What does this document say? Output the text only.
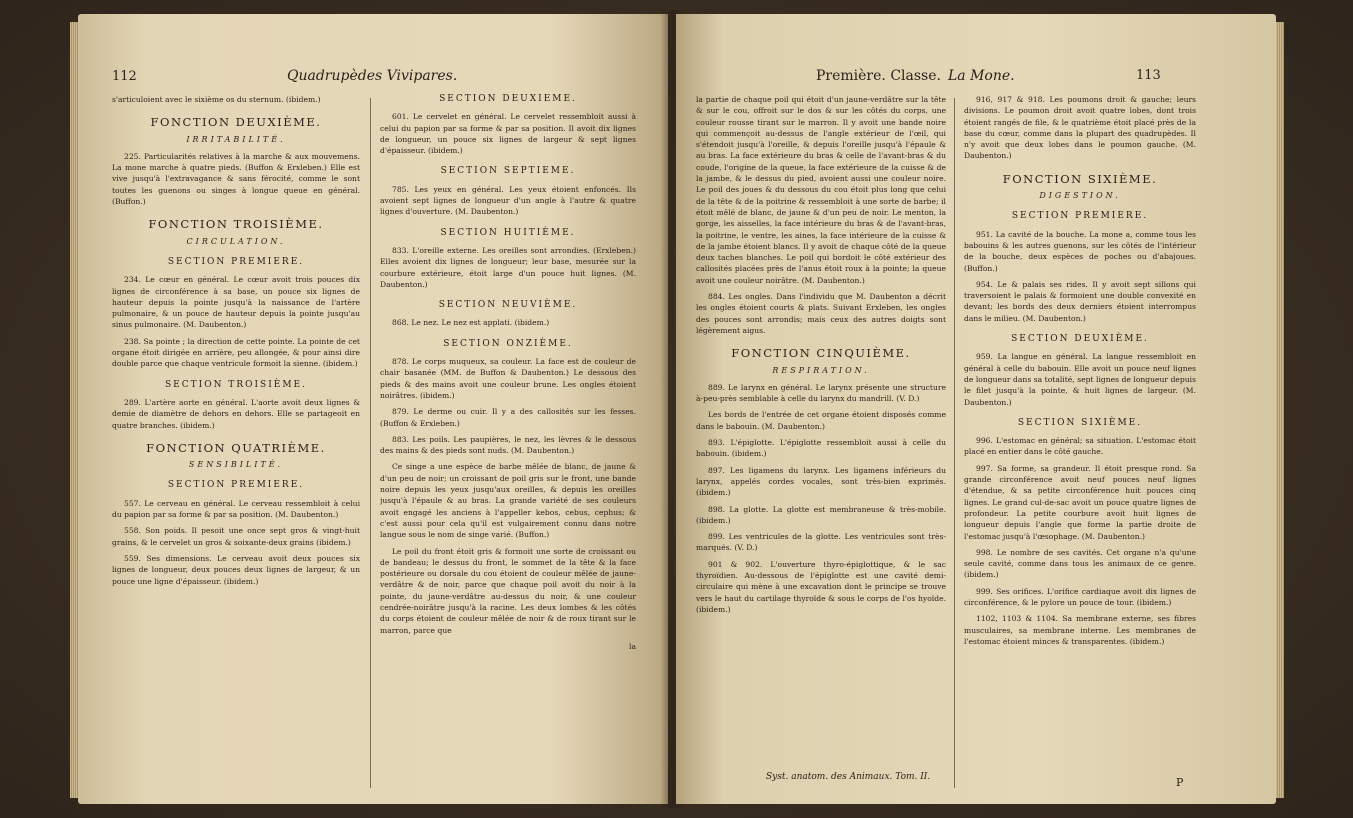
112	Quadrupèdes Vivipares.

s'articuloient avec le sixième os du sternum. (ibidem.)

FONCTION DEUXIÈME.
IRRITABILITÉ.

225. Particularités relatives à la marche & aux mouvemens. La mone marche à quatre pieds. (Buffon & Erxleben.) Elle est vive jusqu'à l'extravagance & sans férocité, comme le sont toutes les guenons ou singes à longue queue en général. (Buffon.)

FONCTION TROISIÈME.
CIRCULATION.
SECTION PREMIERE.

234. Le cœur en général. Le cœur avoit trois pouces dix lignes de circonférence à sa base, un pouce six lignes de hauteur depuis la pointe jusqu'à la naissance de l'artère pulmonaire, & un pouce de hauteur depuis la pointe jusqu'au sinus pulmonaire. (M. Daubenton.)

238. Sa pointe ; la direction de cette pointe. La pointe de cet organe étoit dirigée en arrière, peu allongée, & pour ainsi dire double parce que chaque ventricule formoit la sienne. (ibidem.)

SECTION TROISIÈME.

289. L'artère aorte en général. L'aorte avoit deux lignes & demie de diamètre de dehors en dehors. Elle se partageoit en quatre branches. (ibidem.)

FONCTION QUATRIÈME.
SENSIBILITÉ.
SECTION PREMIERE.

557. Le cerveau en général. Le cerveau ressembloit à celui du papion par sa forme & par sa position. (M. Daubenton.)

558. Son poids. Il pesoit une once sept gros & vingt-huit grains, & le cervelet un gros & soixante-deux grains (ibidem.)

559. Ses dimensions. Le cerveau avoit deux pouces six lignes de longueur, deux pouces deux lignes de largeur, & un pouce une ligne d'épaisseur. (ibidem.)

SECTION DEUXIÈME.

601. Le cervelet en général. Le cervelet ressembloit aussi à celui du papion par sa forme & par sa position. Il avoit dix lignes de longueur, un pouce six lignes de largeur & sept lignes d'épaisseur. (ibidem.)

SECTION SEPTIEME.

785. Les yeux en général. Les yeux étoient enfoncés. Ils avoient sept lignes de longueur d'un angle à l'autre & quatre lignes d'ouverture. (M. Daubenton.)

SECTION HUITIÈME.

833. L'oreille externe. Les oreilles sont arrondies. (Erxleben.) Elles avoient dix lignes de longueur; leur base, mesurée sur la courbure extérieure, étoit large d'un pouce huit lignes. (M. Daubenton.)

SECTION NEUVIÈME.

868. Le nez. Le nez est applati. (ibidem.)

SECTION ONZIÈME.

878. Le corps muqueux, sa couleur. La face est de couleur de chair basanée (MM. de Buffon & Daubenton.) Le dessous des pieds & des mains avoit une couleur brune. Les ongles étoient noirâtres. (ibidem.)

879. Le derme ou cuir. Il y a des callosités sur les fesses. (Buffon & Erxleben.)

883. Les poils. Les paupières, le nez, les lèvres & le dessous des mains & des pieds sont nuds. (M. Daubenton.)

Ce singe a une espèce de barbe mêlée de blanc, de jaune & d'un peu de noir; un croissant de poil gris sur le front, une bande noire depuis les yeux jusqu'aux oreilles, & depuis les oreilles jusqu'à l'épaule & au bras. La grande variété de ses couleurs avoit engagé les anciens à l'appeller kebos, cebus, cephus; & c'est aussi pour cela qu'il est vulgairement connu dans notre langue sous le nom de singe varié. (Buffon.)

Le poil du front étoit gris & formoit une sorte de croissant ou de bandeau; le dessus du front, le sommet de la tête & la face postérieure ou dorsale du cou étoient de couleur mêlée de jaune-verdâtre & de noir, parce que chaque poil avoit du noir à la pointe, du jaune-verdâtre au-dessus du noir, & une couleur cendrée-noirâtre jusqu'à la racine. Les deux lombes & les côtés du corps étoient de couleur mêlée de noir & de roux tirant sur le marron, parce que

la
Première. Classe. La Mone.	113

la partie de chaque poil qui étoit d'un jaune-verdâtre sur la tête & sur le cou, offroit sur le dos & sur les côtés du corps, une couleur rousse tirant sur le marron. Il y avoit une bande noire qui commençoit au-dessus de l'angle extérieur de l'œil, qui s'étendoit jusqu'à l'oreille, & depuis l'oreille jusqu'à l'épaule & au bras. La face extérieure du bras & celle de l'avant-bras & du coude, l'origine de la queue, la face extérieure de la cuisse & de la jambe, & le dessus du pied, avoient aussi une couleur noire. Le poil des joues & du dessous du cou étoit plus long que celui de la tête & de la poitrine & ressembloit à une sorte de barbe; il étoit mêlé de blanc, de jaune & d'un peu de noir. Le menton, la gorge, les aisselles, la face intérieure du bras & de l'avant-bras, la poitrine, le ventre, les aines, la face intérieure de la cuisse & de la jambe étoient blancs. Il y avoit de chaque côté de la queue deux taches blanches. Le poil qui bordoit le côté extérieur des callosités placées près de l'anus étoit roux à la pointe; la queue avoit une couleur noirâtre. (M. Daubenton.)

884. Les ongles. Dans l'individu que M. Daubenton a décrit les ongles étoient courts & plats. Suivant Erxleben, les ongles des pouces sont arrondis; mais ceux des autres doigts sont légèrement aigus.

FONCTION CINQUIÈME.
RESPIRATION.

889. Le larynx en général. Le larynx présente une structure à-peu-près semblable à celle du larynx du mandrill. (V. D.)

Les bords de l'entrée de cet organe étoient disposés comme dans le babouin. (M. Daubenton.)

893. L'épiglotte. L'épiglotte ressembloit aussi à celle du babouin. (ibidem.)

897. Les ligamens du larynx. Les ligamens inférieurs du larynx, appelés cordes vocales, sont très-bien exprimés. (ibidem.)

898. La glotte. La glotte est membraneuse & très-mobile. (ibidem.)

899. Les ventricules de la glotte. Les ventricules sont très-marqués. (V. D.)

901 & 902. L'ouverture thyro-épiglottique, & le sac thyroïdien. Au-dessous de l'épiglotte est une cavité demi-circulaire qui mène à une excavation dont le principe se trouve vers le haut du cartilage thyroïde & sous le corps de l'os hyoïde. (ibidem.)

Syst. anatom. des Animaux. Tom. II.

916, 917 & 918. Les poumons droit & gauche; leurs divisions. Le poumon droit avoit quatre lobes, dont trois étoient rangés de file, & le quatrième étoit placé près de la base du cœur, comme dans la plupart des quadrupèdes. Il n'y avoit que deux lobes dans le poumon gauche. (M. Daubenton.)

FONCTION SIXIÈME.
DIGESTION.
SECTION PREMIERE.

951. La cavité de la bouche. La mone a, comme tous les babouins & les autres guenons, sur les côtés de l'intérieur de la bouche, deux espèces de poches ou d'abajoues. (Buffon.)

954. Le & palais ses rides. Il y avoit sept sillons qui traversoient le palais & formoient une double convexité en devant; les bords des deux derniers étoient interrompus dans le milieu. (M. Daubenton.)

SECTION DEUXIÈME.

959. La langue en général. La langue ressembloit en général à celle du babouin. Elle avoit un pouce neuf lignes de longueur dans sa totalité, sept lignes de longueur depuis le filet jusqu'à la pointe, & huit lignes de largeur. (M. Daubenton.)

SECTION SIXIÈME.

996. L'estomac en général; sa situation. L'estomac étoit placé en entier dans le côté gauche.

997. Sa forme, sa grandeur. Il étoit presque rond. Sa grande circonférence avoit neuf pouces neuf lignes d'étendue, & sa petite circonférence huit pouces cinq lignes. Le grand cul-de-sac avoit un pouce quatre lignes de profondeur. La petite courbure avoit huit lignes de longueur depuis l'angle que forme la partie droite de l'estomac jusqu'à l'œsophage. (M. Daubenton.)

998. Le nombre de ses cavités. Cet organe n'a qu'une seule cavité, comme dans tous les animaux de ce genre. (ibidem.)

999. Ses orifices. L'orifice cardiaque avoit dix lignes de circonférence, & le pylore un pouce de tour. (ibidem.)

1102, 1103 & 1104. Sa membrane externe, ses fibres musculaires, sa membrane interne. Les membranes de l'estomac étoient minces & transparentes. (ibidem.)

P
